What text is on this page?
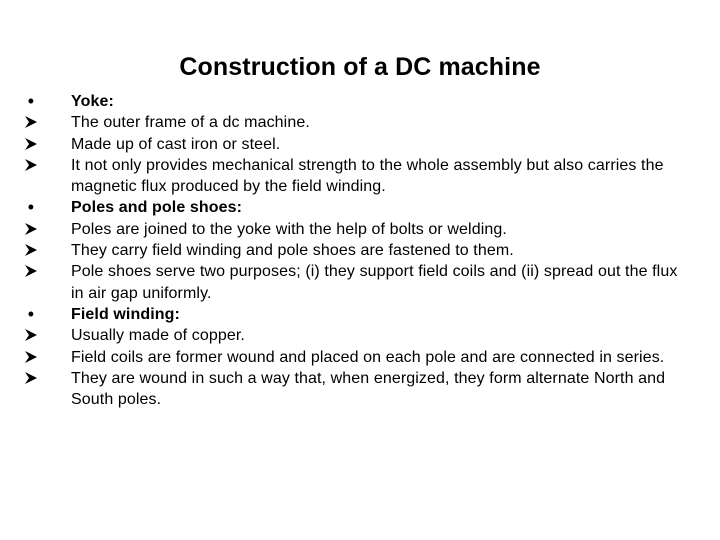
Construction of a DC machine
•	Yoke:
The outer frame of a dc machine.
Made up of cast iron or steel.
It not only provides mechanical strength to the whole assembly but also carries the magnetic flux produced by the field winding.
•	Poles and pole shoes:
Poles are joined to the yoke with the help of bolts or welding.
They carry field winding and pole shoes are fastened to them.
Pole shoes serve two purposes; (i) they support field coils and (ii) spread out the flux in air gap uniformly.
•	Field winding:
Usually made of copper.
Field coils are former wound and placed on each pole and are connected in series.
They are wound in such a way that, when energized, they form alternate North and South poles.
